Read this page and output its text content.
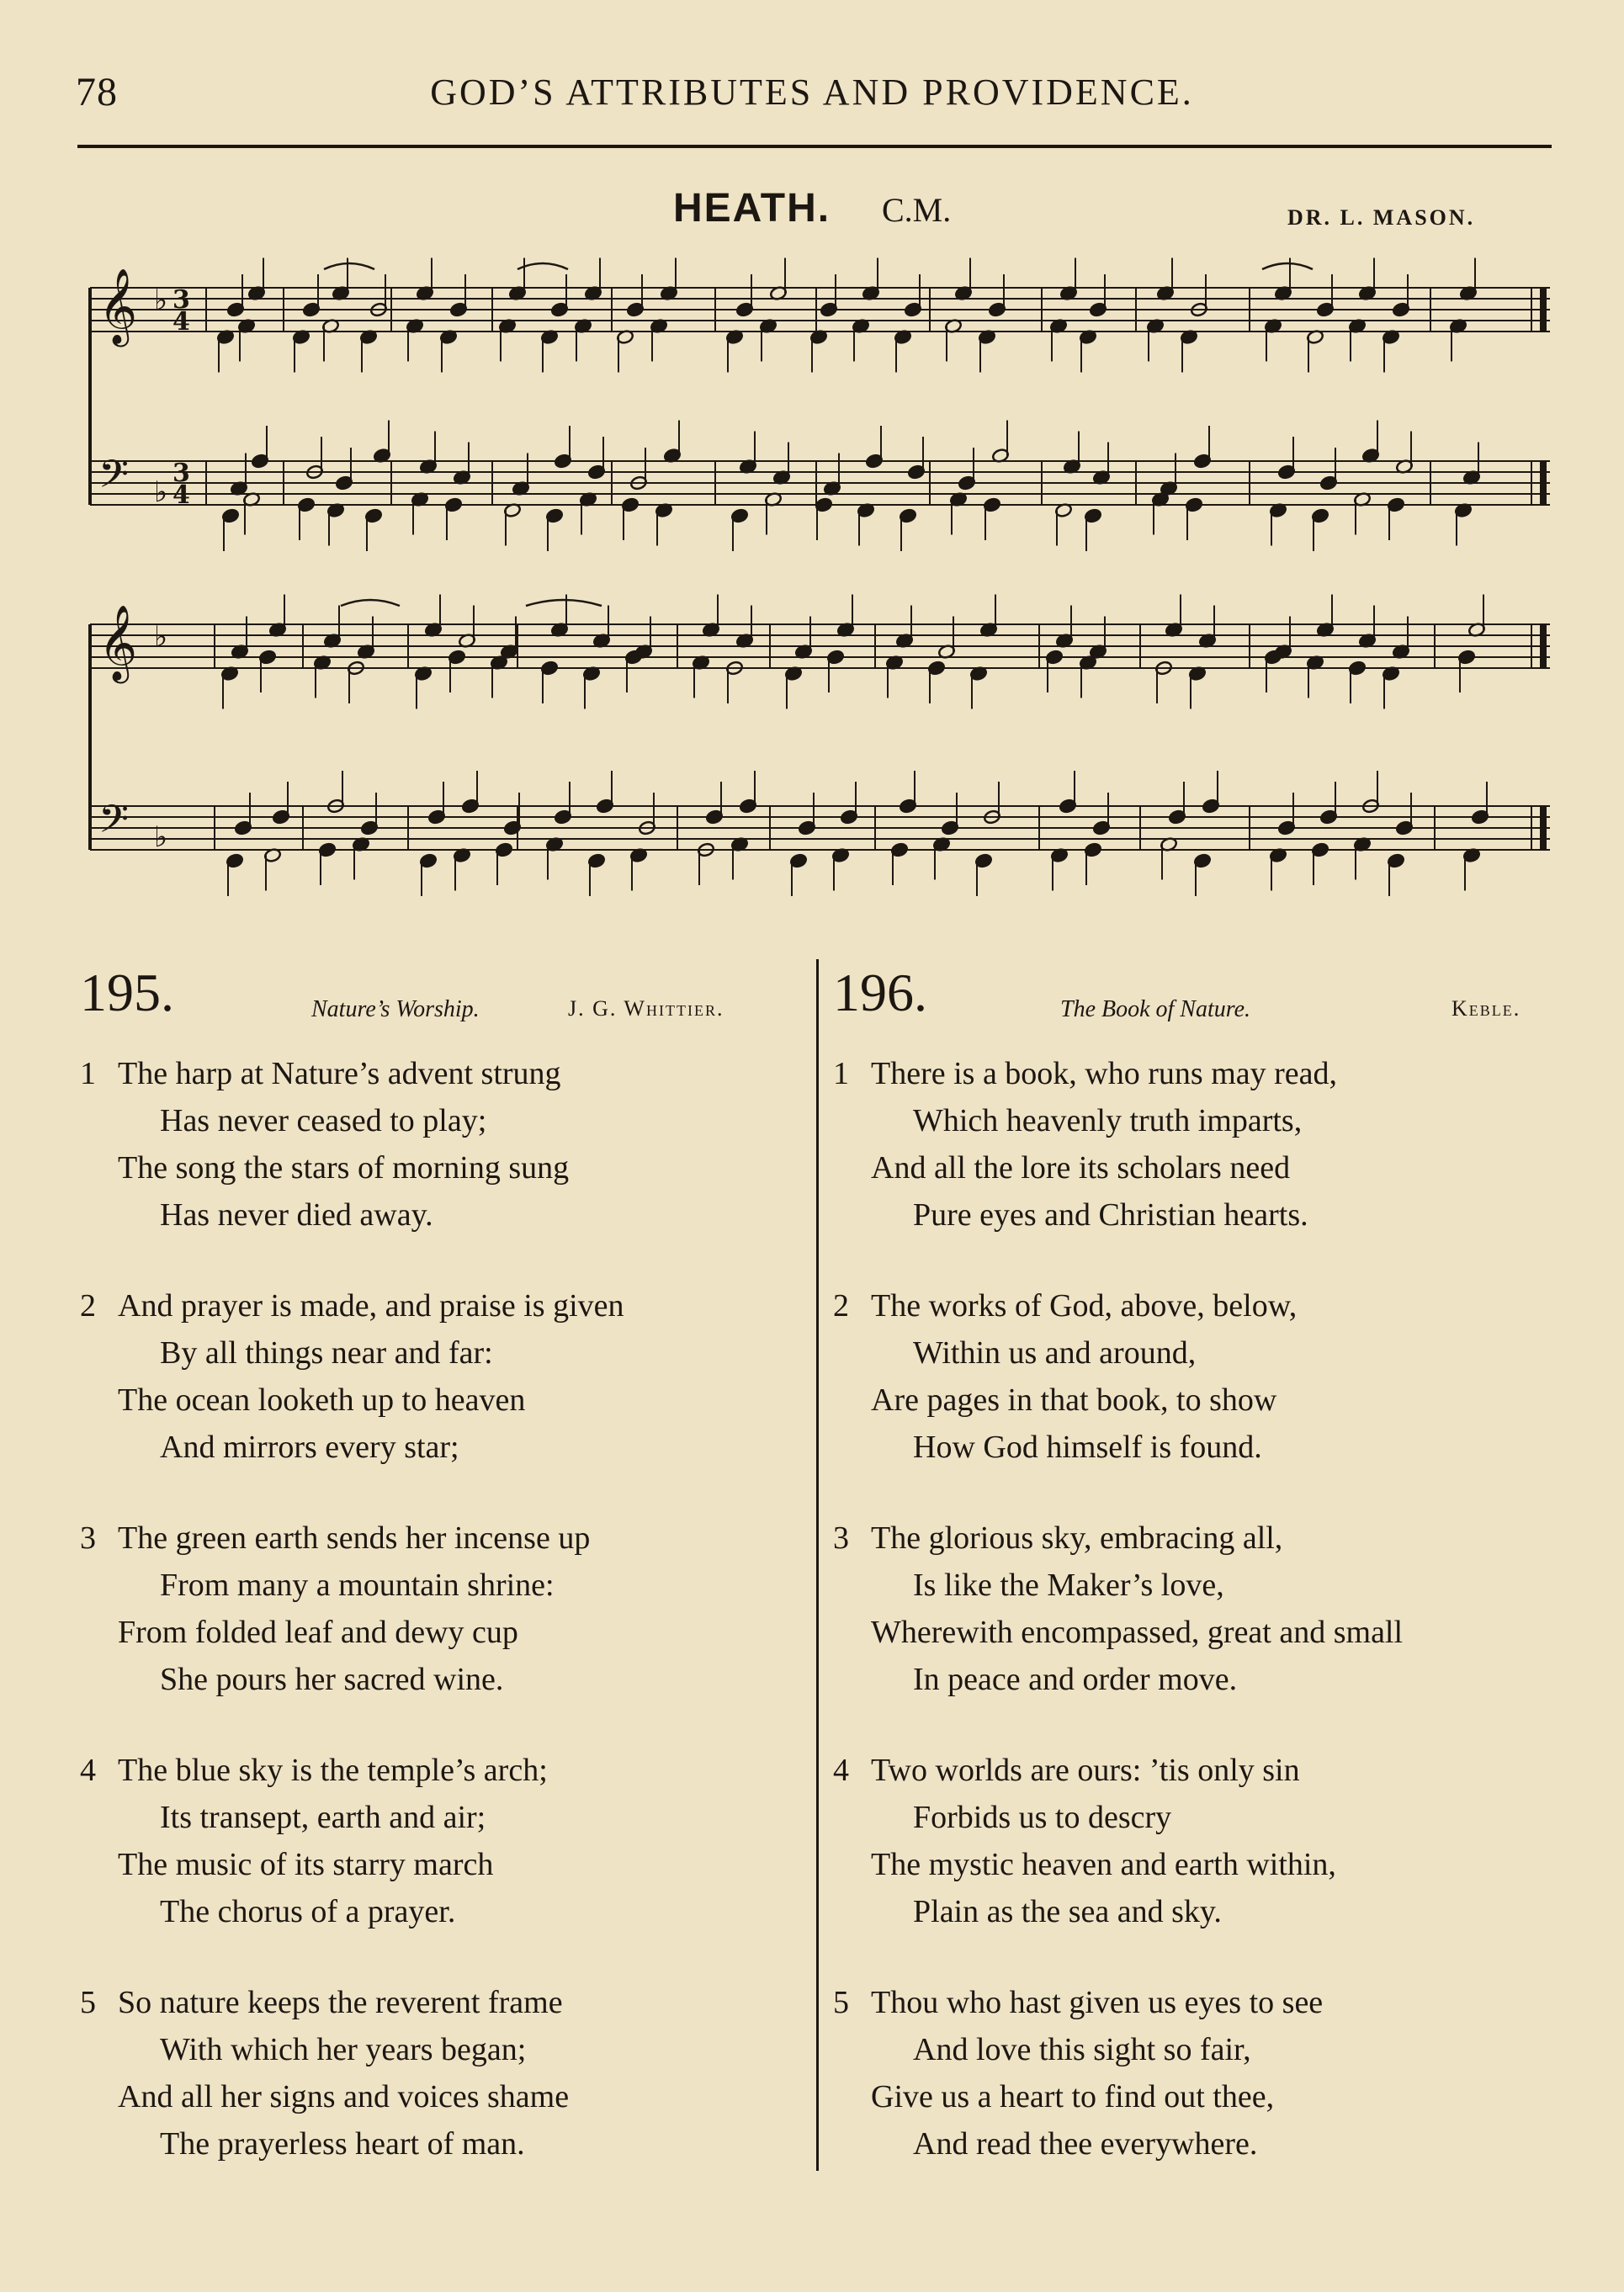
78	GOD’S ATTRIBUTES AND PROVIDENCE.
HEATH. C.M.	DR. L. MASON.
𝄞 ♭ 3
4
𝄢 ♭
3
4
𝄞 ♭
𝄢 ♭
195.	Nature’s Worship.	J. G. Whittier.
1 The harp at Nature’s advent strung
Has never ceased to play;
The song the stars of morning sung
Has never died away.
2 And prayer is made, and praise is given
By all things near and far:
The ocean looketh up to heaven
And mirrors every star;
3 The green earth sends her incense up
From many a mountain shrine:
From folded leaf and dewy cup
She pours her sacred wine.
4 The blue sky is the temple’s arch;
Its transept, earth and air;
The music of its starry march
The chorus of a prayer.
5 So nature keeps the reverent frame
With which her years began;
And all her signs and voices shame
The prayerless heart of man.
196.	The Book of Nature.	Keble.
1 There is a book, who runs may read,
Which heavenly truth imparts,
And all the lore its scholars need
Pure eyes and Christian hearts.
2 The works of God, above, below,
Within us and around,
Are pages in that book, to show
How God himself is found.
3 The glorious sky, embracing all,
Is like the Maker’s love,
Wherewith encompassed, great and small
In peace and order move.
4 Two worlds are ours: ’tis only sin
Forbids us to descry
The mystic heaven and earth within,
Plain as the sea and sky.
5 Thou who hast given us eyes to see
And love this sight so fair,
Give us a heart to find out thee,
And read thee everywhere.
